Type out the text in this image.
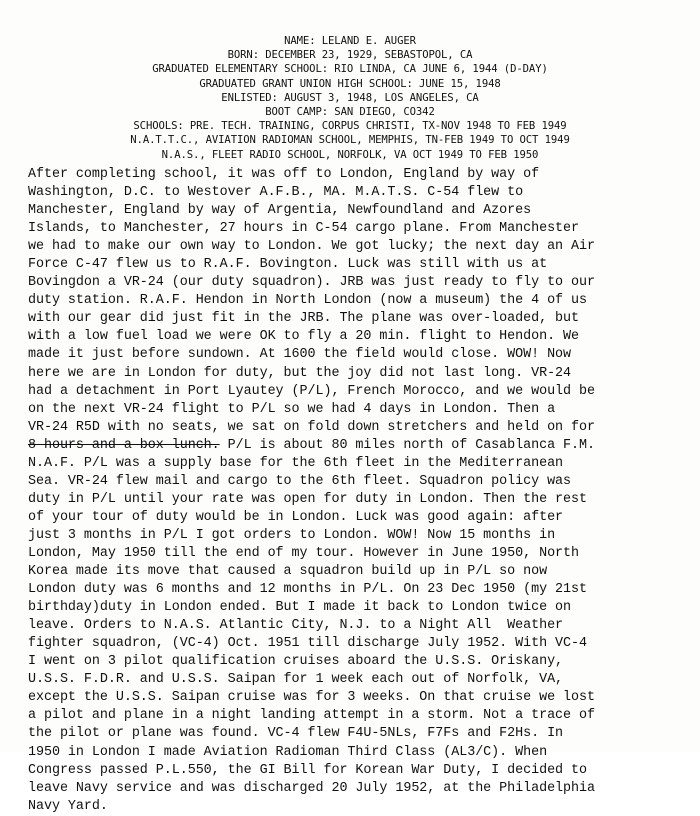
NAME: LELAND E. AUGER
BORN: DECEMBER 23, 1929, SEBASTOPOL, CA
GRADUATED ELEMENTARY SCHOOL: RIO LINDA, CA JUNE 6, 1944 (D-DAY)
GRADUATED GRANT UNION HIGH SCHOOL: JUNE 15, 1948
ENLISTED: AUGUST 3, 1948, LOS ANGELES, CA
BOOT CAMP: SAN DIEGO, CO342
SCHOOLS: PRE. TECH. TRAINING, CORPUS CHRISTI, TX-NOV 1948 TO FEB 1949
N.A.T.T.C., AVIATION RADIOMAN SCHOOL, MEMPHIS, TN-FEB 1949 TO OCT 1949
N.A.S., FLEET RADIO SCHOOL, NORFOLK, VA OCT 1949 TO FEB 1950
After completing school, it was off to London, England by way of
Washington, D.C. to Westover A.F.B., MA. M.A.T.S. C-54 flew to
Manchester, England by way of Argentia, Newfoundland and Azores
Islands, to Manchester, 27 hours in C-54 cargo plane. From Manchester
we had to make our own way to London. We got lucky; the next day an Air
Force C-47 flew us to R.A.F. Bovington. Luck was still with us at
Bovingdon a VR-24 (our duty squadron). JRB was just ready to fly to our
duty station. R.A.F. Hendon in North London (now a museum) the 4 of us
with our gear did just fit in the JRB. The plane was over-loaded, but
with a low fuel load we were OK to fly a 20 min. flight to Hendon. We
made it just before sundown. At 1600 the field would close. WOW! Now
here we are in London for duty, but the joy did not last long. VR-24
had a detachment in Port Lyautey (P/L), French Morocco, and we would be
on the next VR-24 flight to P/L so we had 4 days in London. Then a
VR-24 R5D with no seats, we sat on fold down stretchers and held on for
8 hours and a box lunch. P/L is about 80 miles north of Casablanca F.M.
N.A.F. P/L was a supply base for the 6th fleet in the Mediterranean
Sea. VR-24 flew mail and cargo to the 6th fleet. Squadron policy was
duty in P/L until your rate was open for duty in London. Then the rest
of your tour of duty would be in London. Luck was good again: after
just 3 months in P/L I got orders to London. WOW! Now 15 months in
London, May 1950 till the end of my tour. However in June 1950, North
Korea made its move that caused a squadron build up in P/L so now
London duty was 6 months and 12 months in P/L. On 23 Dec 1950 (my 21st
birthday)duty in London ended. But I made it back to London twice on
leave. Orders to N.A.S. Atlantic City, N.J. to a Night All  Weather
fighter squadron, (VC-4) Oct. 1951 till discharge July 1952. With VC-4
I went on 3 pilot qualification cruises aboard the U.S.S. Oriskany,
U.S.S. F.D.R. and U.S.S. Saipan for 1 week each out of Norfolk, VA,
except the U.S.S. Saipan cruise was for 3 weeks. On that cruise we lost
a pilot and plane in a night landing attempt in a storm. Not a trace of
the pilot or plane was found. VC-4 flew F4U-5NLs, F7Fs and F2Hs. In
1950 in London I made Aviation Radioman Third Class (AL3/C). When
Congress passed P.L.550, the GI Bill for Korean War Duty, I decided to
leave Navy service and was discharged 20 July 1952, at the Philadelphia
Navy Yard.
